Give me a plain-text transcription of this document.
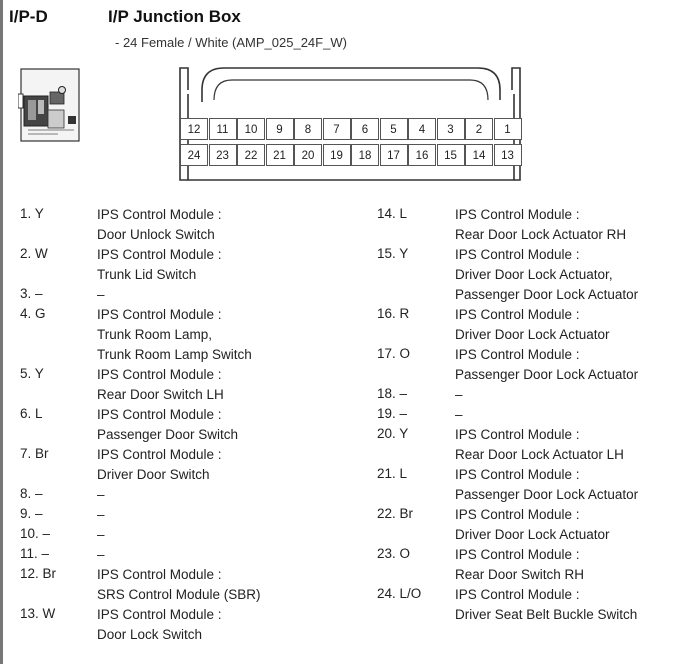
I/P-D	I/P Junction Box
- 24 Female / White (AMP_025_24F_W)
12	11	10	9	8	7	6	5	4	3	2	1
24	23	22	21	20	19	18	17	16	15	14	13
1. Y	IPS Control Module :
Door Unlock Switch
2. W	IPS Control Module :
Trunk Lid Switch
3. –	–
4. G	IPS Control Module :
Trunk Room Lamp,
Trunk Room Lamp Switch
5. Y	IPS Control Module :
Rear Door Switch LH
6. L	IPS Control Module :
Passenger Door Switch
7. Br	IPS Control Module :
Driver Door Switch
8. –	–
9. –	–
10. –	–
11. –	–
12. Br	IPS Control Module :
SRS Control Module (SBR)
13. W	IPS Control Module :
Door Lock Switch
14. L	IPS Control Module :
Rear Door Lock Actuator RH
15. Y	IPS Control Module :
Driver Door Lock Actuator,
Passenger Door Lock Actuator
16. R	IPS Control Module :
Driver Door Lock Actuator
17. O	IPS Control Module :
Passenger Door Lock Actuator
18. –	–
19. –	–
20. Y	IPS Control Module :
Rear Door Lock Actuator LH
21. L	IPS Control Module :
Passenger Door Lock Actuator
22. Br	IPS Control Module :
Driver Door Lock Actuator
23. O	IPS Control Module :
Rear Door Switch RH
24. L/O IPS Control Module :
Driver Seat Belt Buckle Switch
